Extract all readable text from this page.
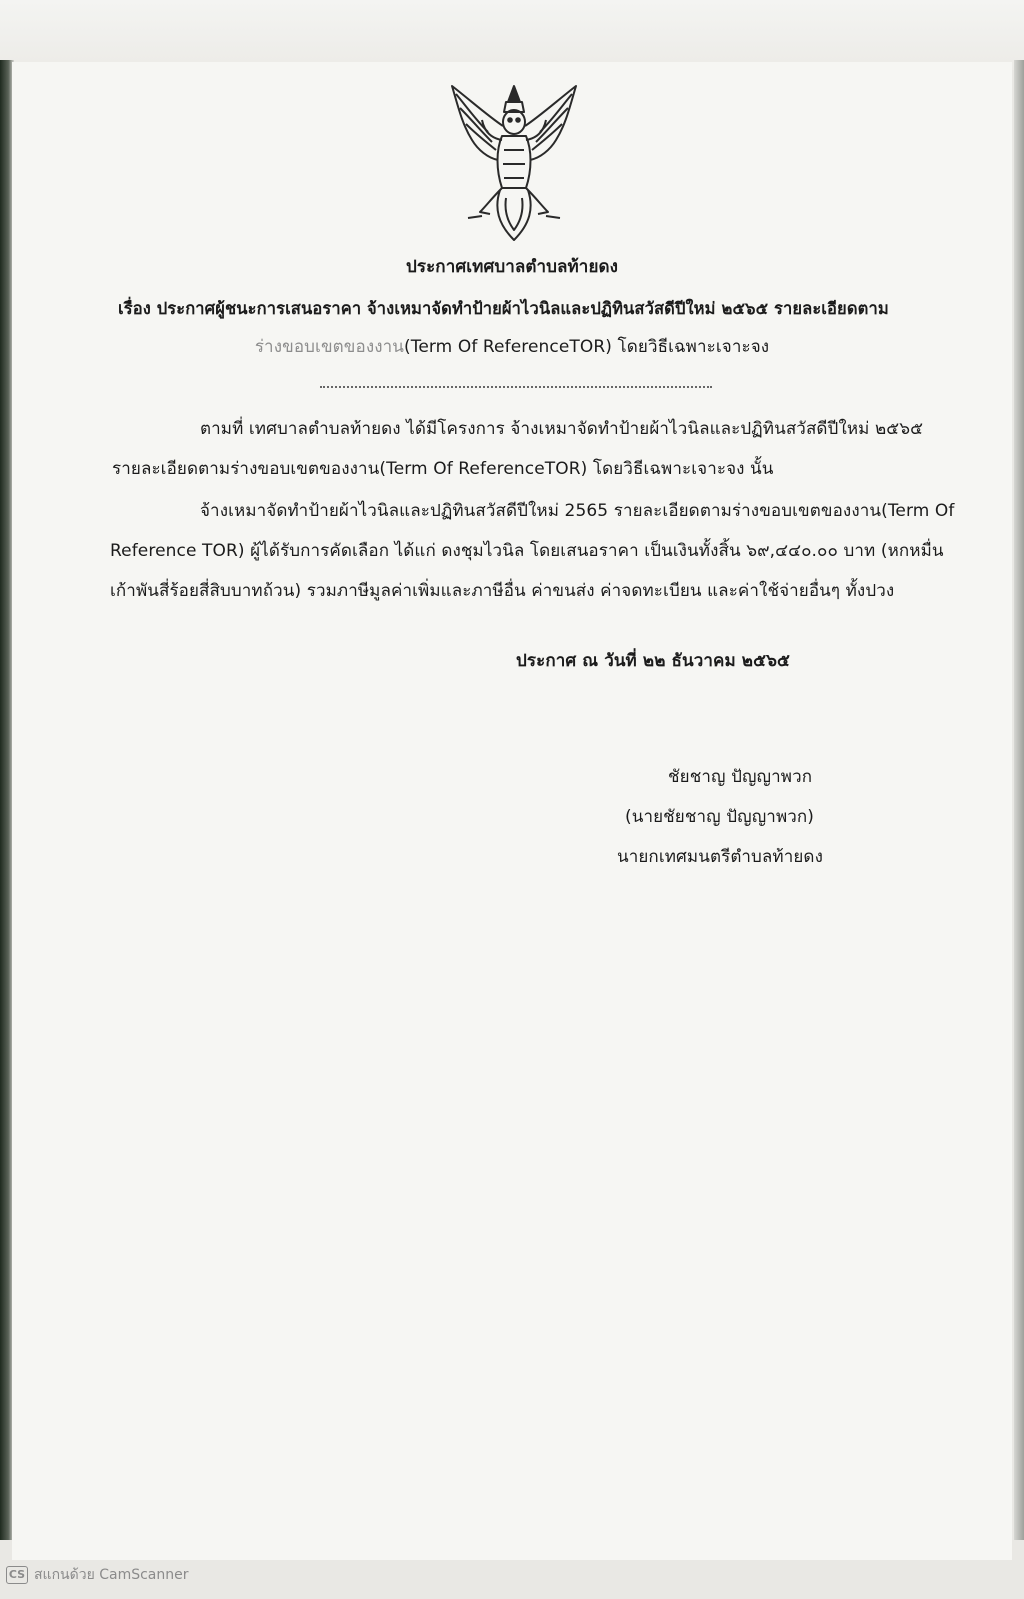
ประกาศเทศบาลตำบลท้ายดง
เรื่อง ประกาศผู้ชนะการเสนอราคา จ้างเหมาจัดทำป้ายผ้าไวนิลและปฏิทินสวัสดีปีใหม่ ๒๕๖๕ รายละเอียดตาม
ร่างขอบเขตของงาน(Term Of ReferenceTOR) โดยวิธีเฉพาะเจาะจง
ตามที่ เทศบาลตำบลท้ายดง ได้มีโครงการ จ้างเหมาจัดทำป้ายผ้าไวนิลและปฏิทินสวัสดีปีใหม่ ๒๕๖๕
รายละเอียดตามร่างขอบเขตของงาน(Term Of ReferenceTOR) โดยวิธีเฉพาะเจาะจง นั้น
จ้างเหมาจัดทำป้ายผ้าไวนิลและปฏิทินสวัสดีปีใหม่ 2565 รายละเอียดตามร่างขอบเขตของงาน(Term Of
Reference TOR) ผู้ได้รับการคัดเลือก ได้แก่ ดงชุมไวนิล โดยเสนอราคา เป็นเงินทั้งสิ้น ๖๙,๔๔๐.๐๐ บาท (หกหมื่น
เก้าพันสี่ร้อยสี่สิบบาทถ้วน) รวมภาษีมูลค่าเพิ่มและภาษีอื่น ค่าขนส่ง ค่าจดทะเบียน และค่าใช้จ่ายอื่นๆ ทั้งปวง
ประกาศ ณ วันที่ ๒๒ ธันวาคม ๒๕๖๕
ชัยชาญ ปัญญาพวก
(นายชัยชาญ ปัญญาพวก)
นายกเทศมนตรีตำบลท้ายดง
CS สแกนด้วย CamScanner
